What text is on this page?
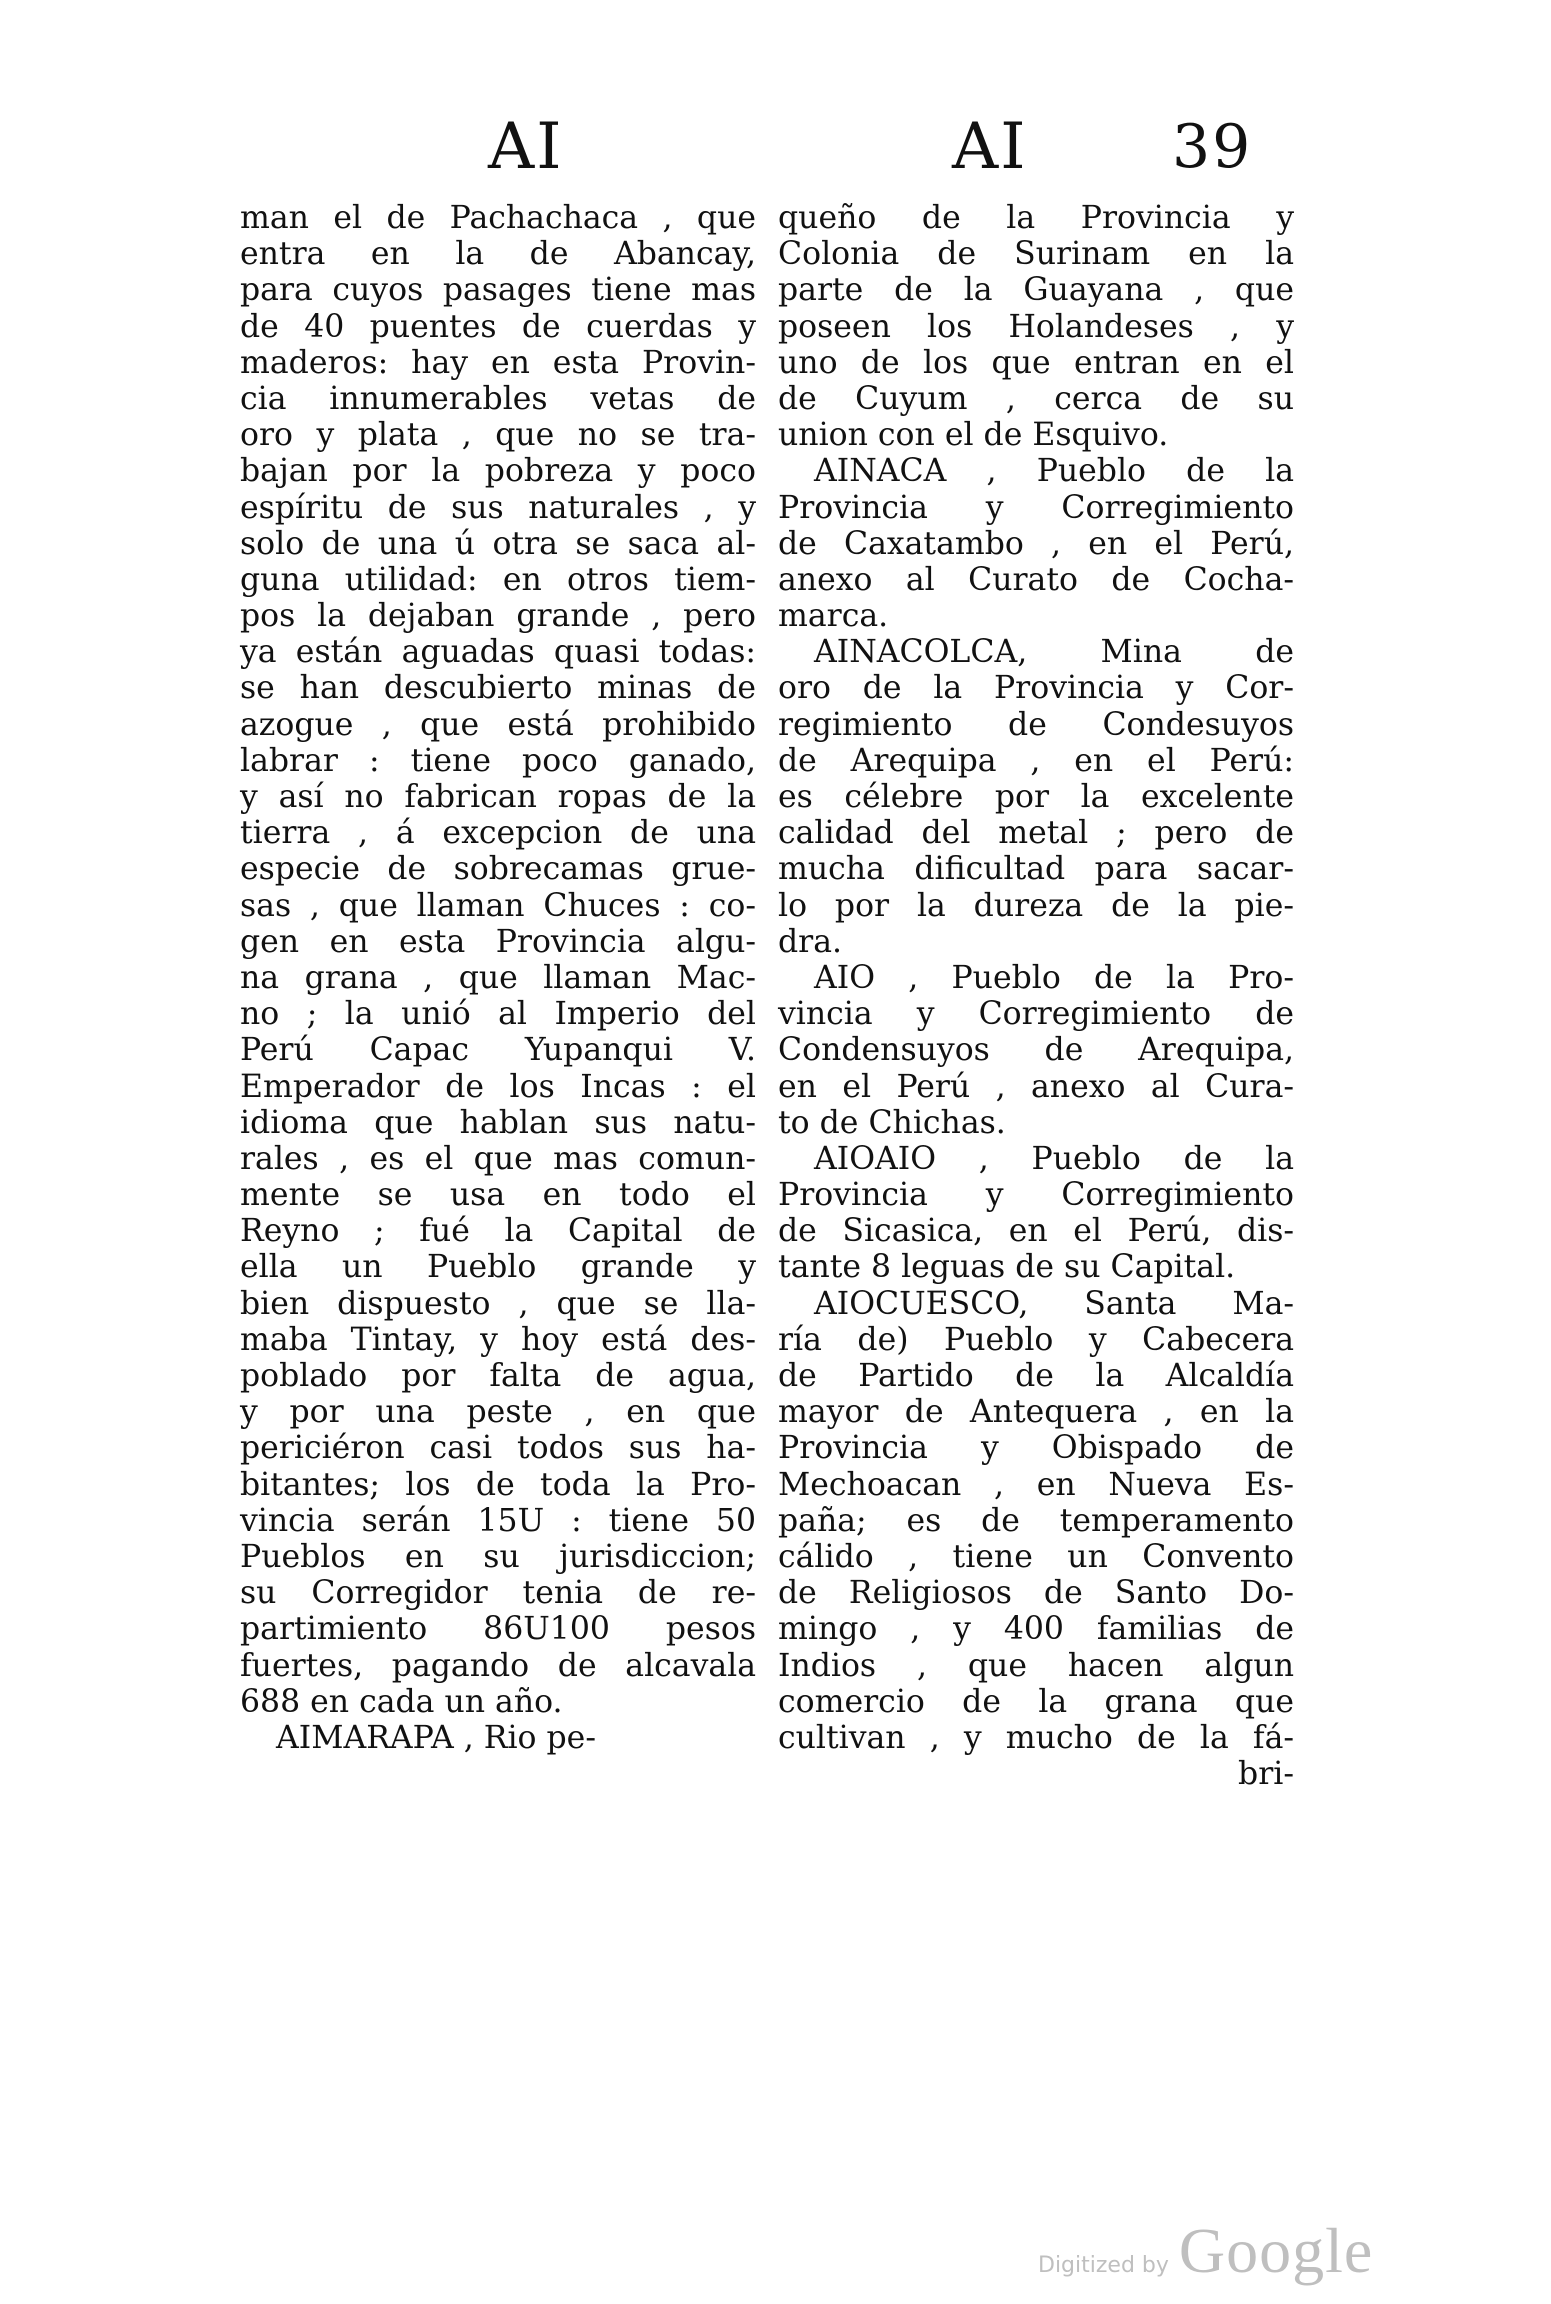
AI	AI 39
man el de Pachachaca , que
entra en la de Abancay,
para cuyos pasages tiene mas
de 40 puentes de cuerdas y
maderos: hay en esta Provin-
cia innumerables vetas de
oro y plata , que no se tra-
bajan por la pobreza y poco
espíritu de sus naturales , y
solo de una ú otra se saca al-
guna utilidad: en otros tiem-
pos la dejaban grande , pero
ya están aguadas quasi todas:
se han descubierto minas de
azogue , que está prohibido
labrar : tiene poco ganado,
y así no fabrican ropas de la
tierra , á excepcion de una
especie de sobrecamas grue-
sas , que llaman Chuces : co-
gen en esta Provincia algu-
na grana , que llaman Mac-
no ; la unió al Imperio del
Perú Capac Yupanqui V.
Emperador de los Incas : el
idioma que hablan sus natu-
rales , es el que mas comun-
mente se usa en todo el
Reyno ; fué la Capital de
ella un Pueblo grande y
bien dispuesto , que se lla-
maba Tintay, y hoy está des-
poblado por falta de agua,
y por una peste , en que
periciéron casi todos sus ha-
bitantes; los de toda la Pro-
vincia serán 15U : tiene 50
Pueblos en su jurisdiccion;
su Corregidor tenia de re-
partimiento 86U100 pesos
fuertes, pagando de alcavala
688 en cada un año.
AIMARAPA , Rio pe-
queño de la Provincia y
Colonia de Surinam en la
parte de la Guayana , que
poseen los Holandeses , y
uno de los que entran en el
de Cuyum , cerca de su
union con el de Esquivo.
AINACA , Pueblo de la
Provincia y Corregimiento
de Caxatambo , en el Perú,
anexo al Curato de Cocha-
marca.
AINACOLCA, Mina de
oro de la Provincia y Cor-
regimiento de Condesuyos
de Arequipa , en el Perú:
es célebre por la excelente
calidad del metal ; pero de
mucha dificultad para sacar-
lo por la dureza de la pie-
dra.
AIO , Pueblo de la Pro-
vincia y Corregimiento de
Condensuyos de Arequipa,
en el Perú , anexo al Cura-
to de Chichas.
AIOAIO , Pueblo de la
Provincia y Corregimiento
de Sicasica, en el Perú, dis-
tante 8 leguas de su Capital.
AIOCUESCO, Santa Ma-
ría de) Pueblo y Cabecera
de Partido de la Alcaldía
mayor de Antequera , en la
Provincia y Obispado de
Mechoacan , en Nueva Es-
paña; es de temperamento
cálido , tiene un Convento
de Religiosos de Santo Do-
mingo , y 400 familias de
Indios , que hacen algun
comercio de la grana que
cultivan , y mucho de la fá-
bri-
Digitized by Google
